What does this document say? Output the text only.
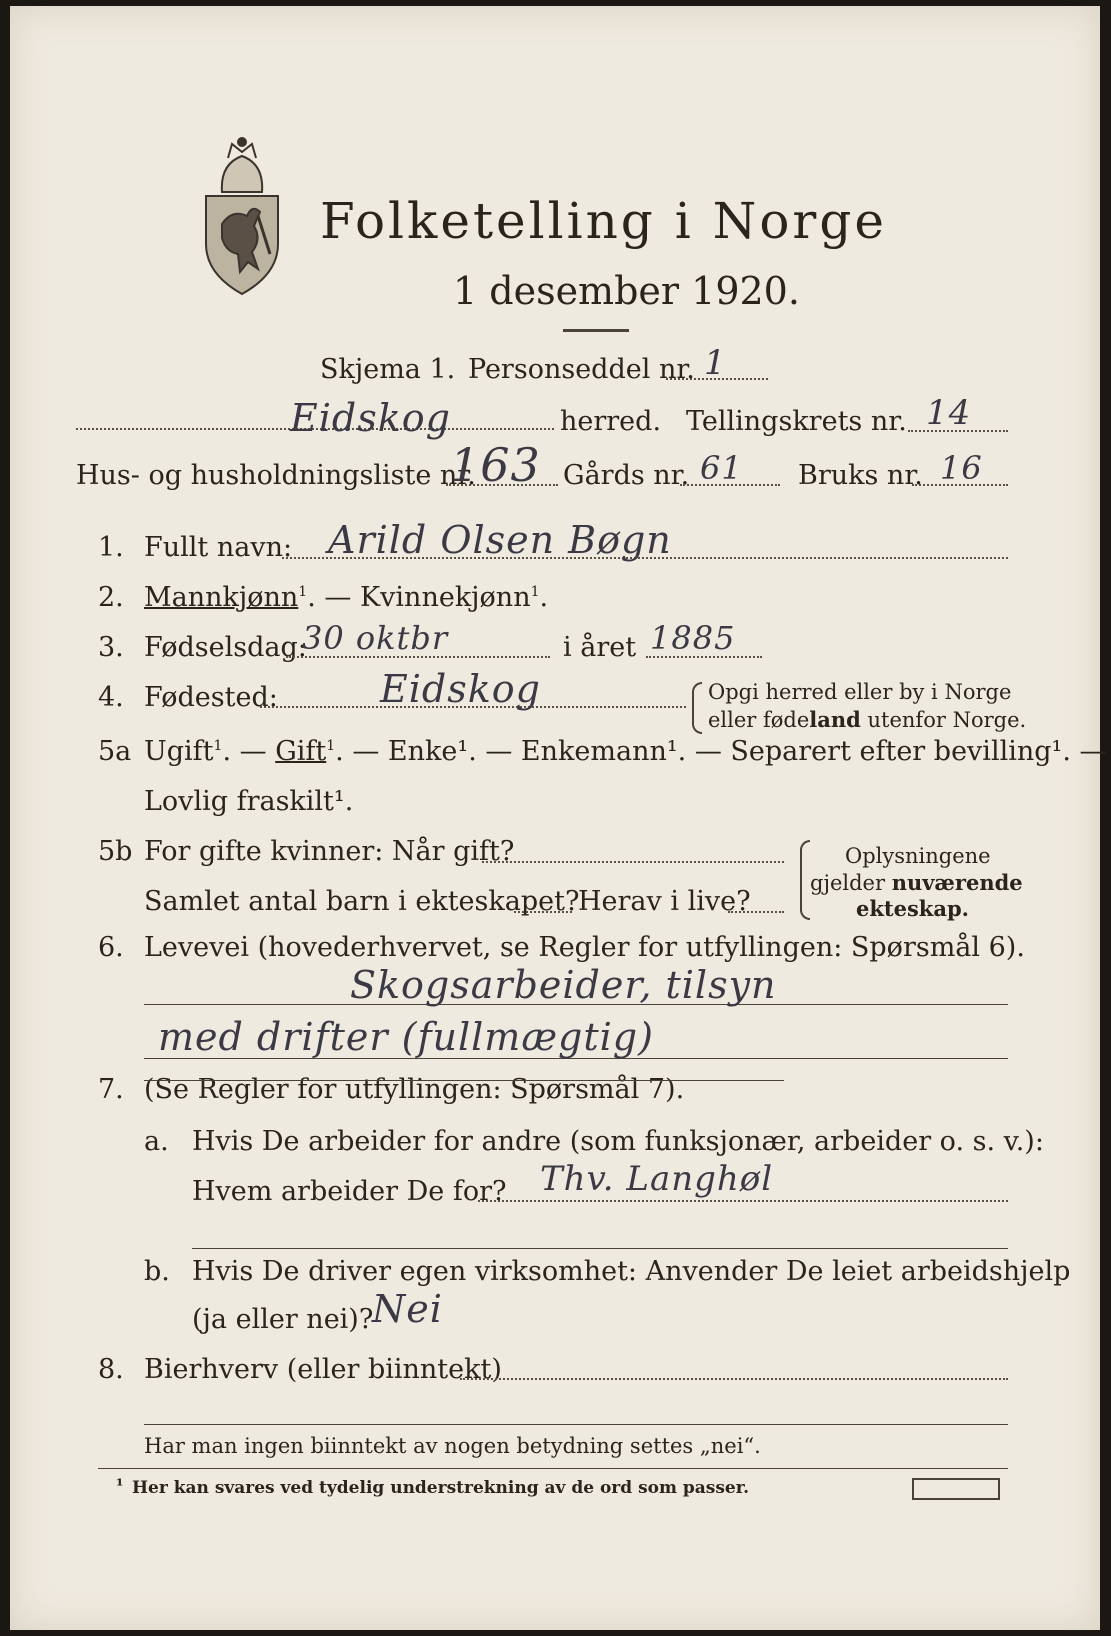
Folketelling i Norge
1 desember 1920.
Skjema 1. Personseddel nr. 1
Eidskog	herred. Tellingskrets nr. 14
Hus- og husholdningsliste nr.
163 Gårds nr. 61 Bruks nr. 16
1. Fullt navn: Arild Olsen Bøgn
2. Mannkjønn$^1$. — Kvinnekjønn$^1$.
3. Fødselsdag:
30 oktbr	i året 1885
4. Fødested:	Eidskog	Opgi herred eller by i Norge
eller fødeland utenfor Norge.
5a Ugift$^1$. — Gift$^1$. — Enke¹. — Enkemann¹. — Separert efter bevilling¹. —
Lovlig fraskilt¹.
5b For gifte kvinner: Når gift?
Samlet antal barn i ekteskapet?
Herav i live?
Oplysningene
gjelder nuværende
ekteskap.
6. Levevei (hovederhvervet, se Regler for utfyllingen: Spørsmål 6).
Skogsarbeider, tilsyn
med drifter (fullmægtig)
7. (Se Regler for utfyllingen: Spørsmål 7).
a. Hvis De arbeider for andre (som funksjonær, arbeider o. s. v.):
Hvem arbeider De for? Thv. Langhøl
b. Hvis De driver egen virksomhet: Anvender De leiet arbeidshjelp
(ja eller nei)?
Nei
8. Bierhverv (eller biinntekt)
Har man ingen biinntekt av nogen betydning settes „nei“.
¹ Her kan svares ved tydelig understrekning av de ord som passer.
